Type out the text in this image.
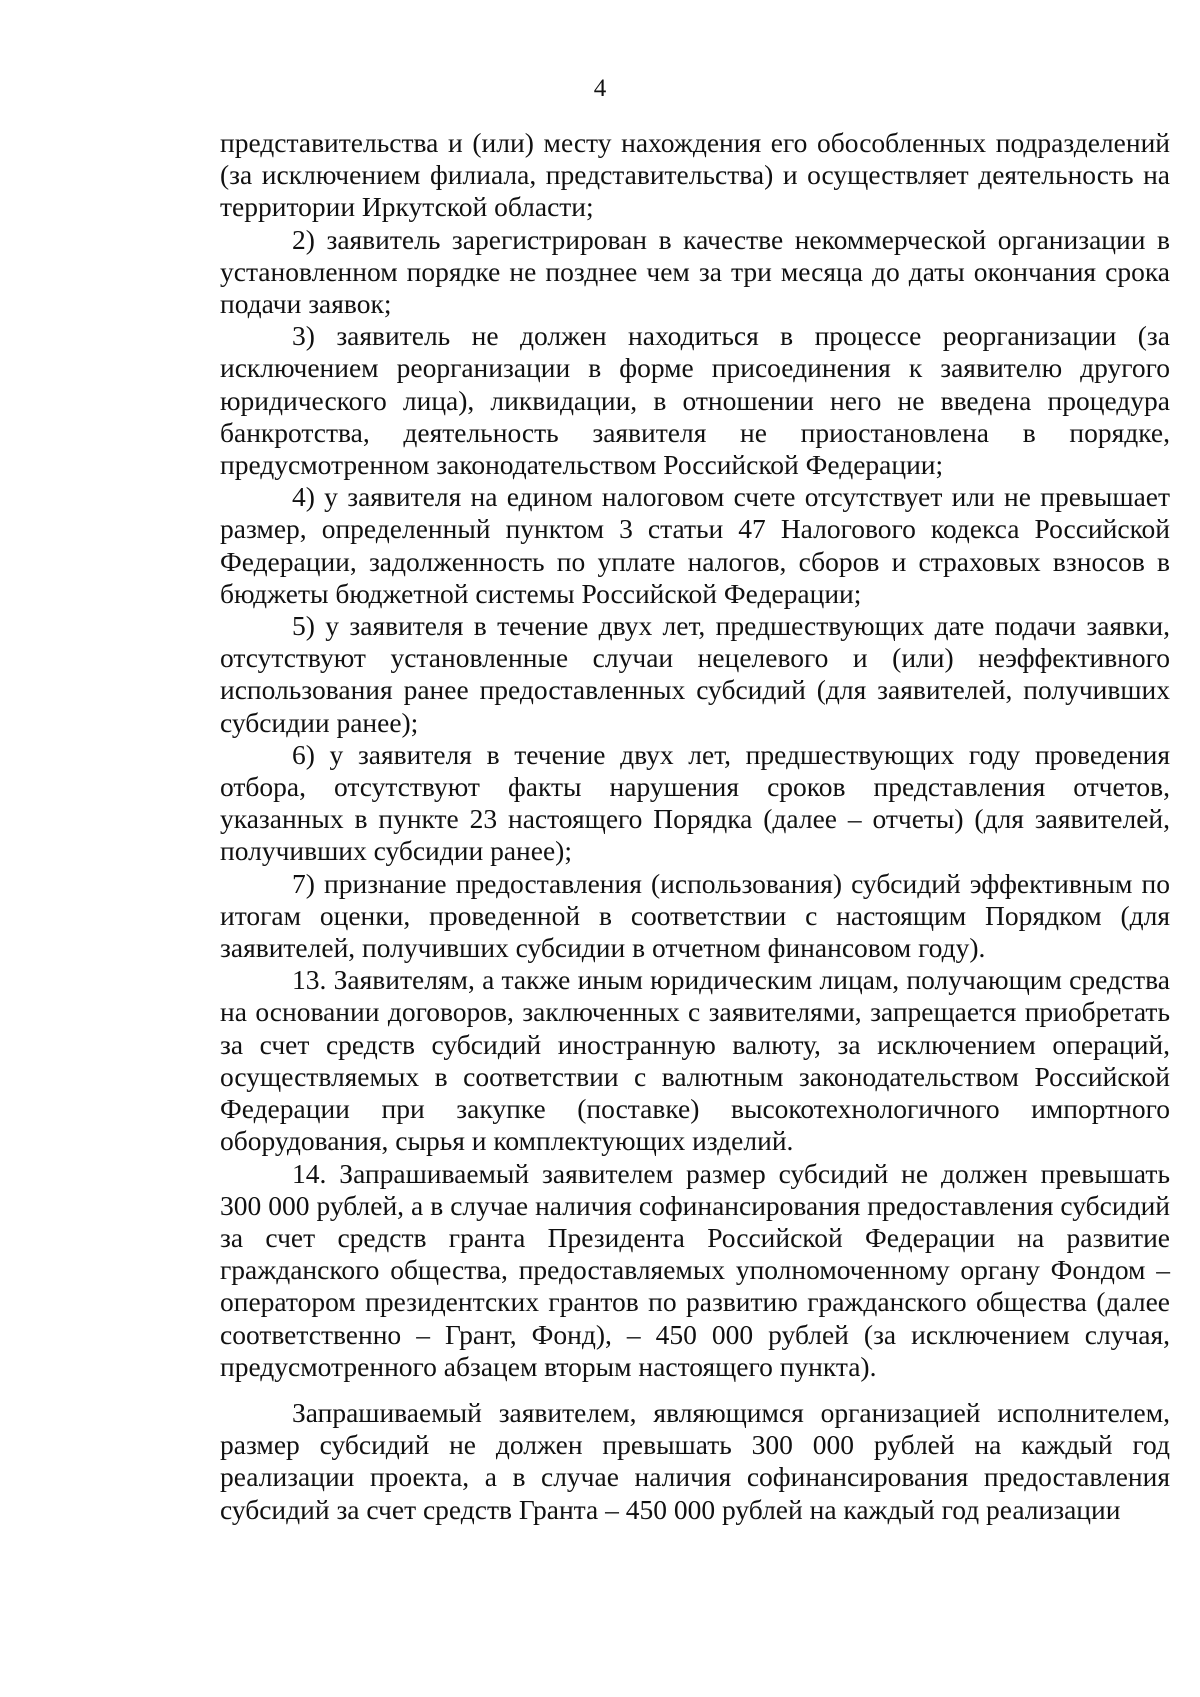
4

представительства и (или) месту нахождения его обособленных подразделений (за исключением филиала, представительства) и осуществляет деятельность на территории Иркутской области;

2) заявитель зарегистрирован в качестве некоммерческой организации в установленном порядке не позднее чем за три месяца до даты окончания срока подачи заявок;

3) заявитель не должен находиться в процессе реорганизации (за исключением реорганизации в форме присоединения к заявителю другого юридического лица), ликвидации, в отношении него не введена процедура банкротства, деятельность заявителя не приостановлена в порядке, предусмотренном законодательством Российской Федерации;

4) у заявителя на едином налоговом счете отсутствует или не превышает размер, определенный пунктом 3 статьи 47 Налогового кодекса Российской Федерации, задолженность по уплате налогов, сборов и страховых взносов в бюджеты бюджетной системы Российской Федерации;

5) у заявителя в течение двух лет, предшествующих дате подачи заявки, отсутствуют установленные случаи нецелевого и (или) неэффективного использования ранее предоставленных субсидий (для заявителей, получивших субсидии ранее);

6) у заявителя в течение двух лет, предшествующих году проведения отбора, отсутствуют факты нарушения сроков представления отчетов, указанных в пункте 23 настоящего Порядка (далее – отчеты) (для заявителей, получивших субсидии ранее);

7) признание предоставления (использования) субсидий эффективным по итогам оценки, проведенной в соответствии с настоящим Порядком (для заявителей, получивших субсидии в отчетном финансовом году).

13. Заявителям, а также иным юридическим лицам, получающим средства на основании договоров, заключенных с заявителями, запрещается приобретать за счет средств субсидий иностранную валюту, за исключением операций, осуществляемых в соответствии с валютным законодательством Российской Федерации при закупке (поставке) высокотехнологичного импортного оборудования, сырья и комплектующих изделий.

14. Запрашиваемый заявителем размер субсидий не должен превышать 300 000 рублей, а в случае наличия софинансирования предоставления субсидий за счет средств гранта Президента Российской Федерации на развитие гражданского общества, предоставляемых уполномоченному органу Фондом – оператором президентских грантов по развитию гражданского общества (далее соответственно – Грант, Фонд), – 450 000 рублей (за исключением случая, предусмотренного абзацем вторым настоящего пункта).

Запрашиваемый заявителем, являющимся организацией исполнителем, размер субсидий не должен превышать 300 000 рублей на каждый год реализации проекта, а в случае наличия софинансирования предоставления субсидий за счет средств Гранта – 450 000 рублей на каждый год реализации
